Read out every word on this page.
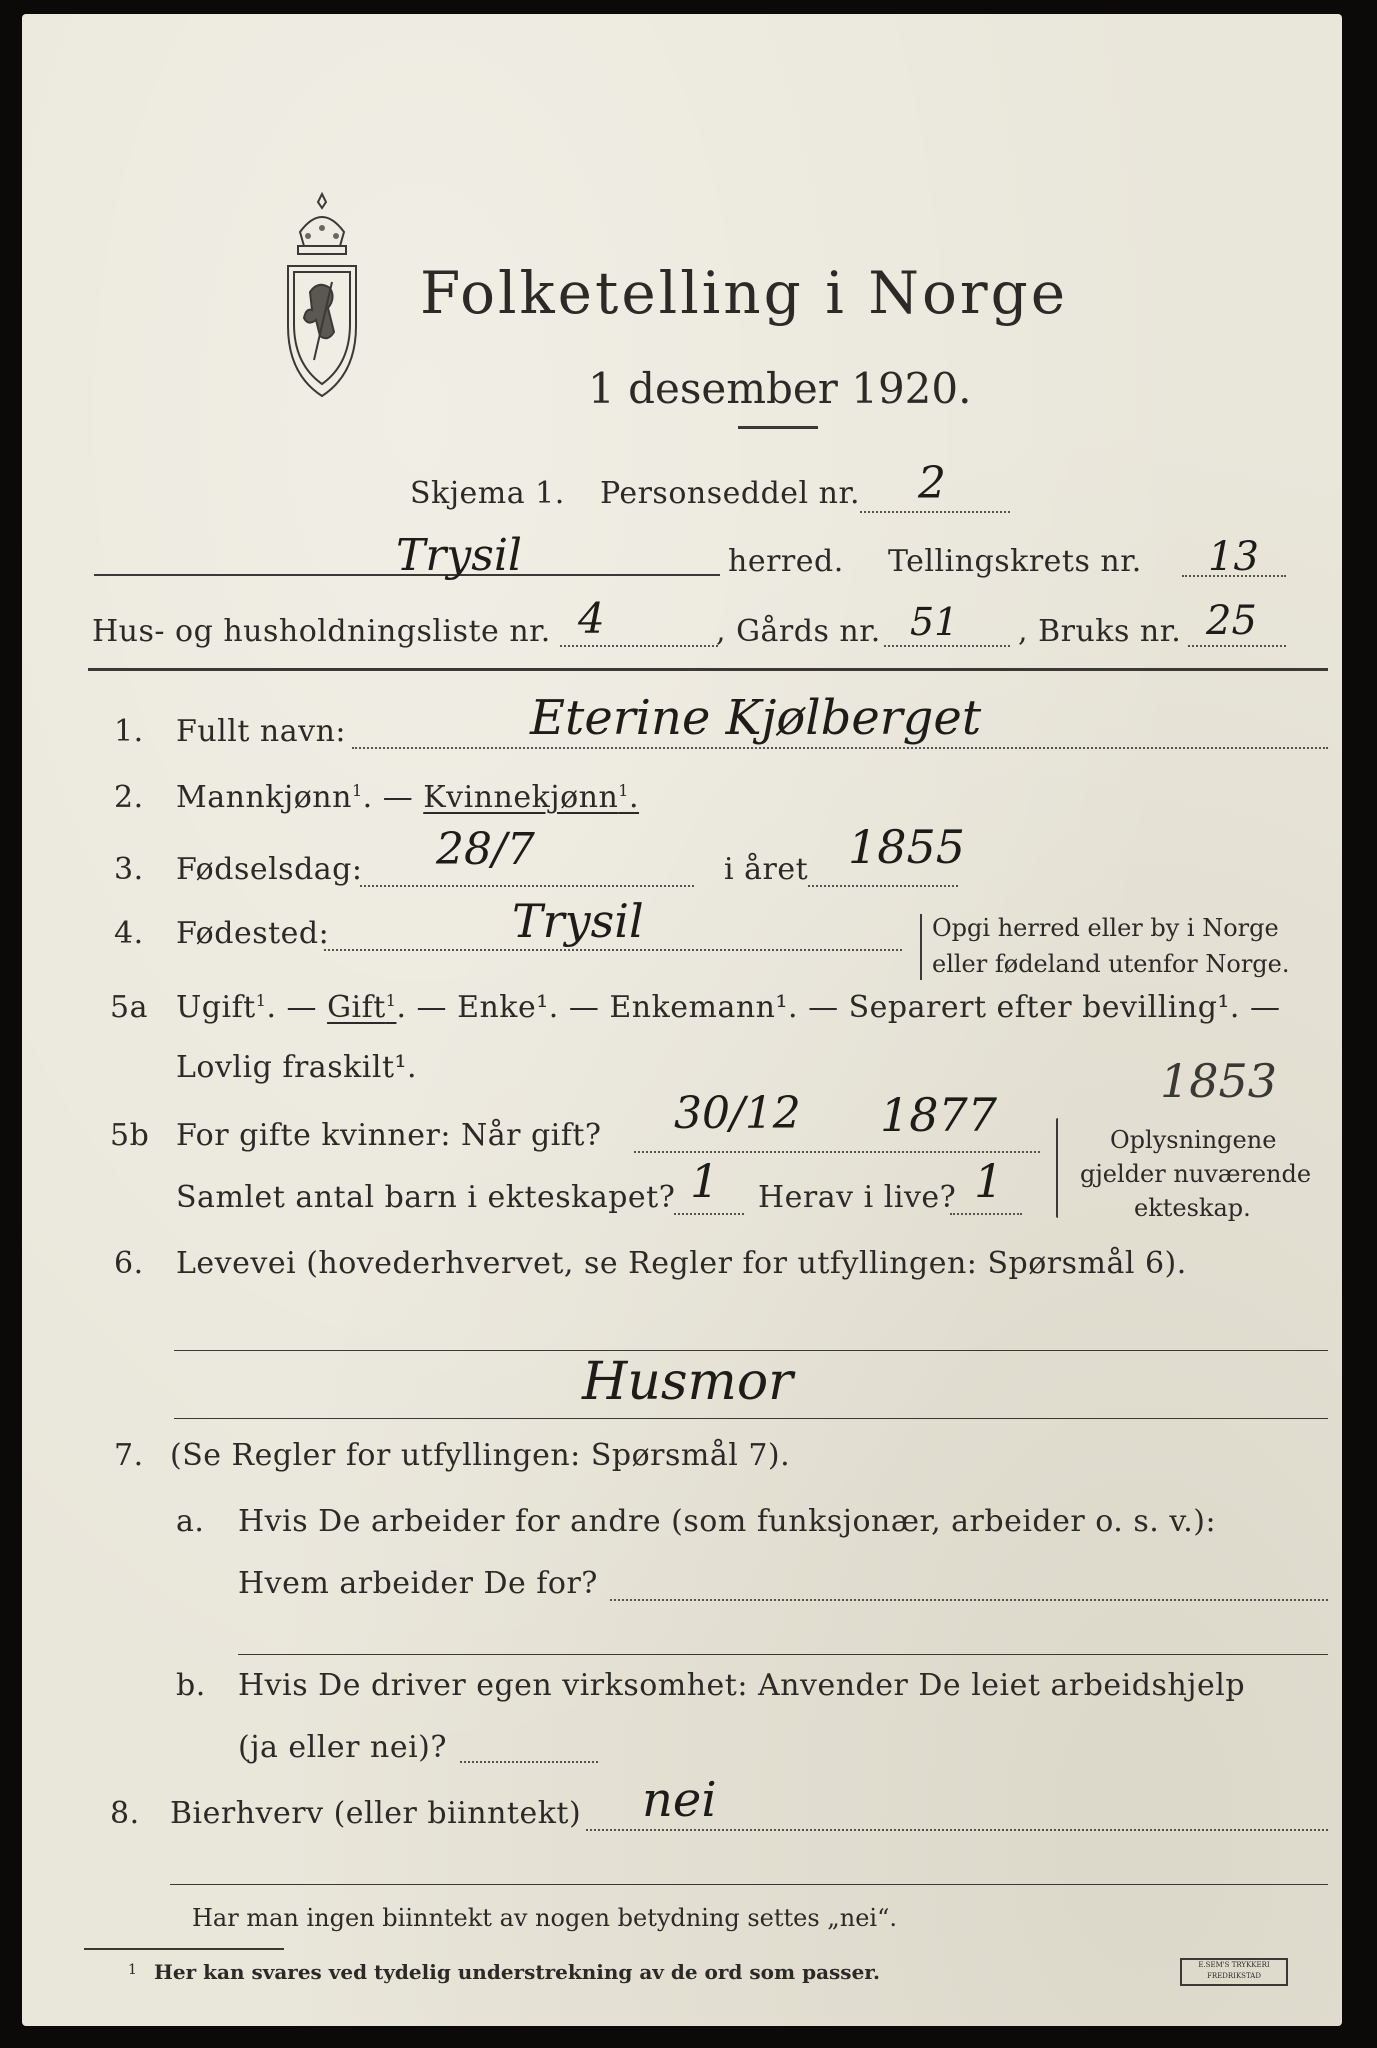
Folketelling i Norge
1 desember 1920.
Skjema 1. Personseddel nr. 2
Trysil	herred. Tellingskrets nr. 13
Hus- og husholdningsliste nr. 4	, Gårds nr. 51 , Bruks nr. 25
1. Fullt navn:	Eterine Kjølberget
2. Mannkjønn$^1$. — Kvinnekjønn$^1$.
3. Fødselsdag: 28/7	i året 1855
4. Fødested:	Trysil	Opgi herred eller by i Norge
eller fødeland utenfor Norge.
5a Ugift$^1$. — Gift$^1$. — Enke¹. — Enkemann¹. — Separert efter bevilling¹. —
Lovlig fraskilt¹.	1853
5b For gifte kvinner: Når gift? 30/12 1877
Samlet antal barn i ekteskapet? 1 Herav i live? 1
Oplysningene
gjelder nuværende
ekteskap.
6. Levevei (hovederhvervet, se Regler for utfyllingen: Spørsmål 6).
Husmor
7. (Se Regler for utfyllingen: Spørsmål 7).
a. Hvis De arbeider for andre (som funksjonær, arbeider o. s. v.):
Hvem arbeider De for?
b. Hvis De driver egen virksomhet: Anvender De leiet arbeidshjelp
(ja eller nei)?
8. Bierhverv (eller biinntekt) nei
Har man ingen biinntekt av nogen betydning settes „nei“.
1 Her kan svares ved tydelig understrekning av de ord som passer.	E.SEM'S TRYKKERI FREDRIKSTAD
